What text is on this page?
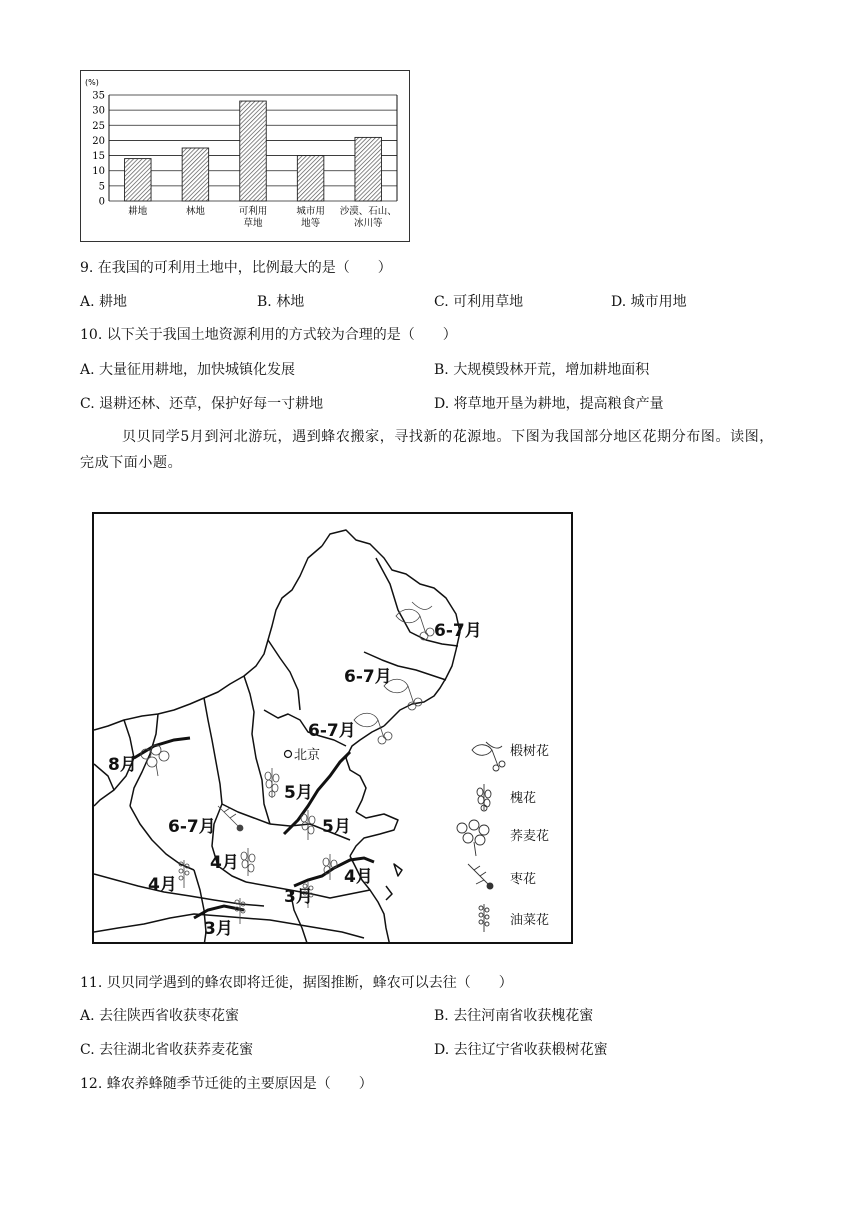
(%)
0
5
10
15
20
25
30
35
耕地	林地	可利用
草地
城市用
地等
沙漠、石山、
冰川等
9. 在我国的可利用土地中，比例最大的是（　　）
A. 耕地	B. 林地	C. 可利用草地	D. 城市用地
10. 以下关于我国土地资源利用的方式较为合理的是（　　）
A. 大量征用耕地，加快城镇化发展	B. 大规模毁林开荒，增加耕地面积
C. 退耕还林、还草，保护好每一寸耕地	D. 将草地开垦为耕地，提高粮食产量
贝贝同学5月到河北游玩，遇到蜂农搬家，寻找新的花源地。下图为我国部分地区花期分布图。读图，完成下面小题。
6-7月
6-7月
6-7月
8月
5月
6-7月	5月
4月
4月	4月
3月
3月
北京	椴树花
槐花
荞麦花
枣花
油菜花
11. 贝贝同学遇到的蜂农即将迁徙，据图推断，蜂农可以去往（　　）
A. 去往陕西省收获枣花蜜	B. 去往河南省收获槐花蜜
C. 去往湖北省收获荞麦花蜜	D. 去往辽宁省收获椴树花蜜
12. 蜂农养蜂随季节迁徙的主要原因是（　　）
